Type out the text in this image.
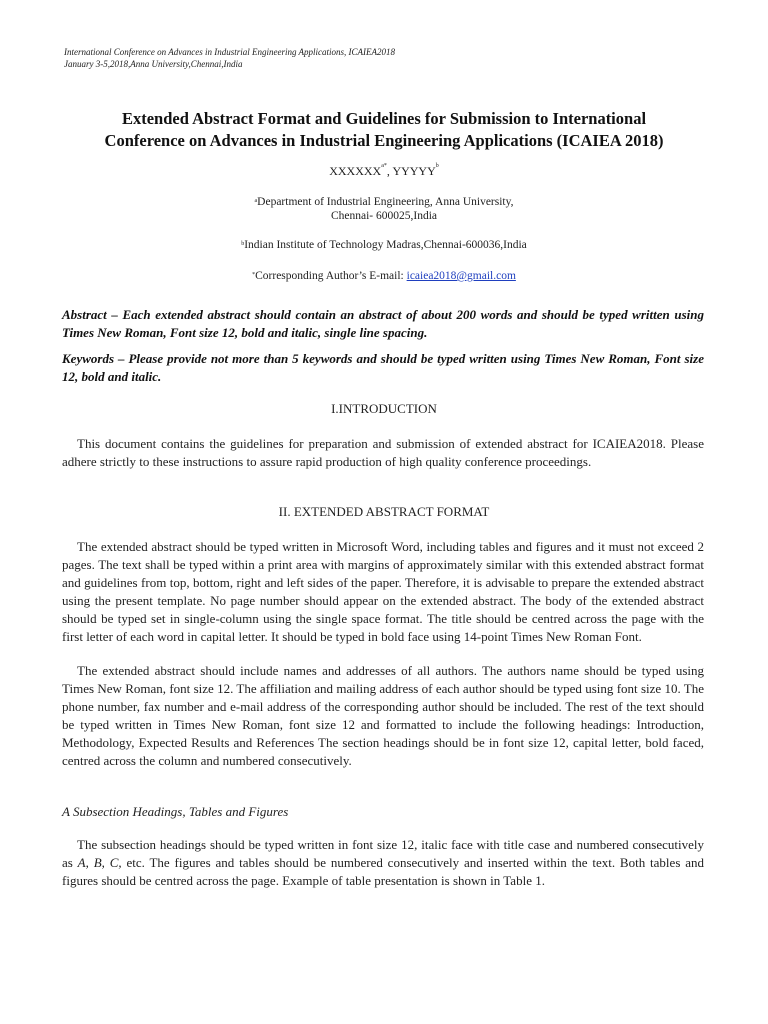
International Conference on Advances in Industrial Engineering Applications, ICAIEA2018
January 3-5,2018,Anna University,Chennai,India
Extended Abstract Format and Guidelines for Submission to International
Conference on Advances in Industrial Engineering Applications (ICAIEA 2018)
$XXXXXX^{a*}$, YYYYY$^b$
$^a$Department of Industrial Engineering, Anna University,
Chennai- 600025,India
$^b$Indian Institute of Technology Madras,Chennai-600036,India
*Corresponding Author’s E-mail: icaiea2018@gmail.com
Abstract – Each extended abstract should contain an abstract of about 200 words and should be typed written using Times New Roman, Font size 12, bold and italic, single line spacing.
Keywords – Please provide not more than 5 keywords and should be typed written using Times New Roman, Font size 12, bold and italic.
I.INTRODUCTION

This document contains the guidelines for preparation and submission of extended abstract for ICAIEA2018. Please adhere strictly to these instructions to assure rapid production of high quality conference proceedings.

II. EXTENDED ABSTRACT FORMAT

The extended abstract should be typed written in Microsoft Word, including tables and figures and it must not exceed 2 pages. The text shall be typed within a print area with margins of approximately similar with this extended abstract format and guidelines from top, bottom, right and left sides of the paper. Therefore, it is advisable to prepare the extended abstract using the present template. No page number should appear on the extended abstract. The body of the extended abstract should be typed set in single-column using the single space format. The title should be centred across the page with the first letter of each word in capital letter. It should be typed in bold face using 14-point Times New Roman Font.

The extended abstract should include names and addresses of all authors. The authors name should be typed using Times New Roman, font size 12. The affiliation and mailing address of each author should be typed using font size 10. The phone number, fax number and e-mail address of the corresponding author should be included. The rest of the text should be typed written in Times New Roman, font size 12 and formatted to include the following headings: Introduction, Methodology, Expected Results and References The section headings should be in font size 12, capital letter, bold faced, centred across the column and numbered consecutively.

A Subsection Headings, Tables and Figures

The subsection headings should be typed written in font size 12, italic face with title case and numbered consecutively as A, B, C, etc. The figures and tables should be numbered consecutively and inserted within the text. Both tables and figures should be centred across the page. Example of table presentation is shown in Table 1.
